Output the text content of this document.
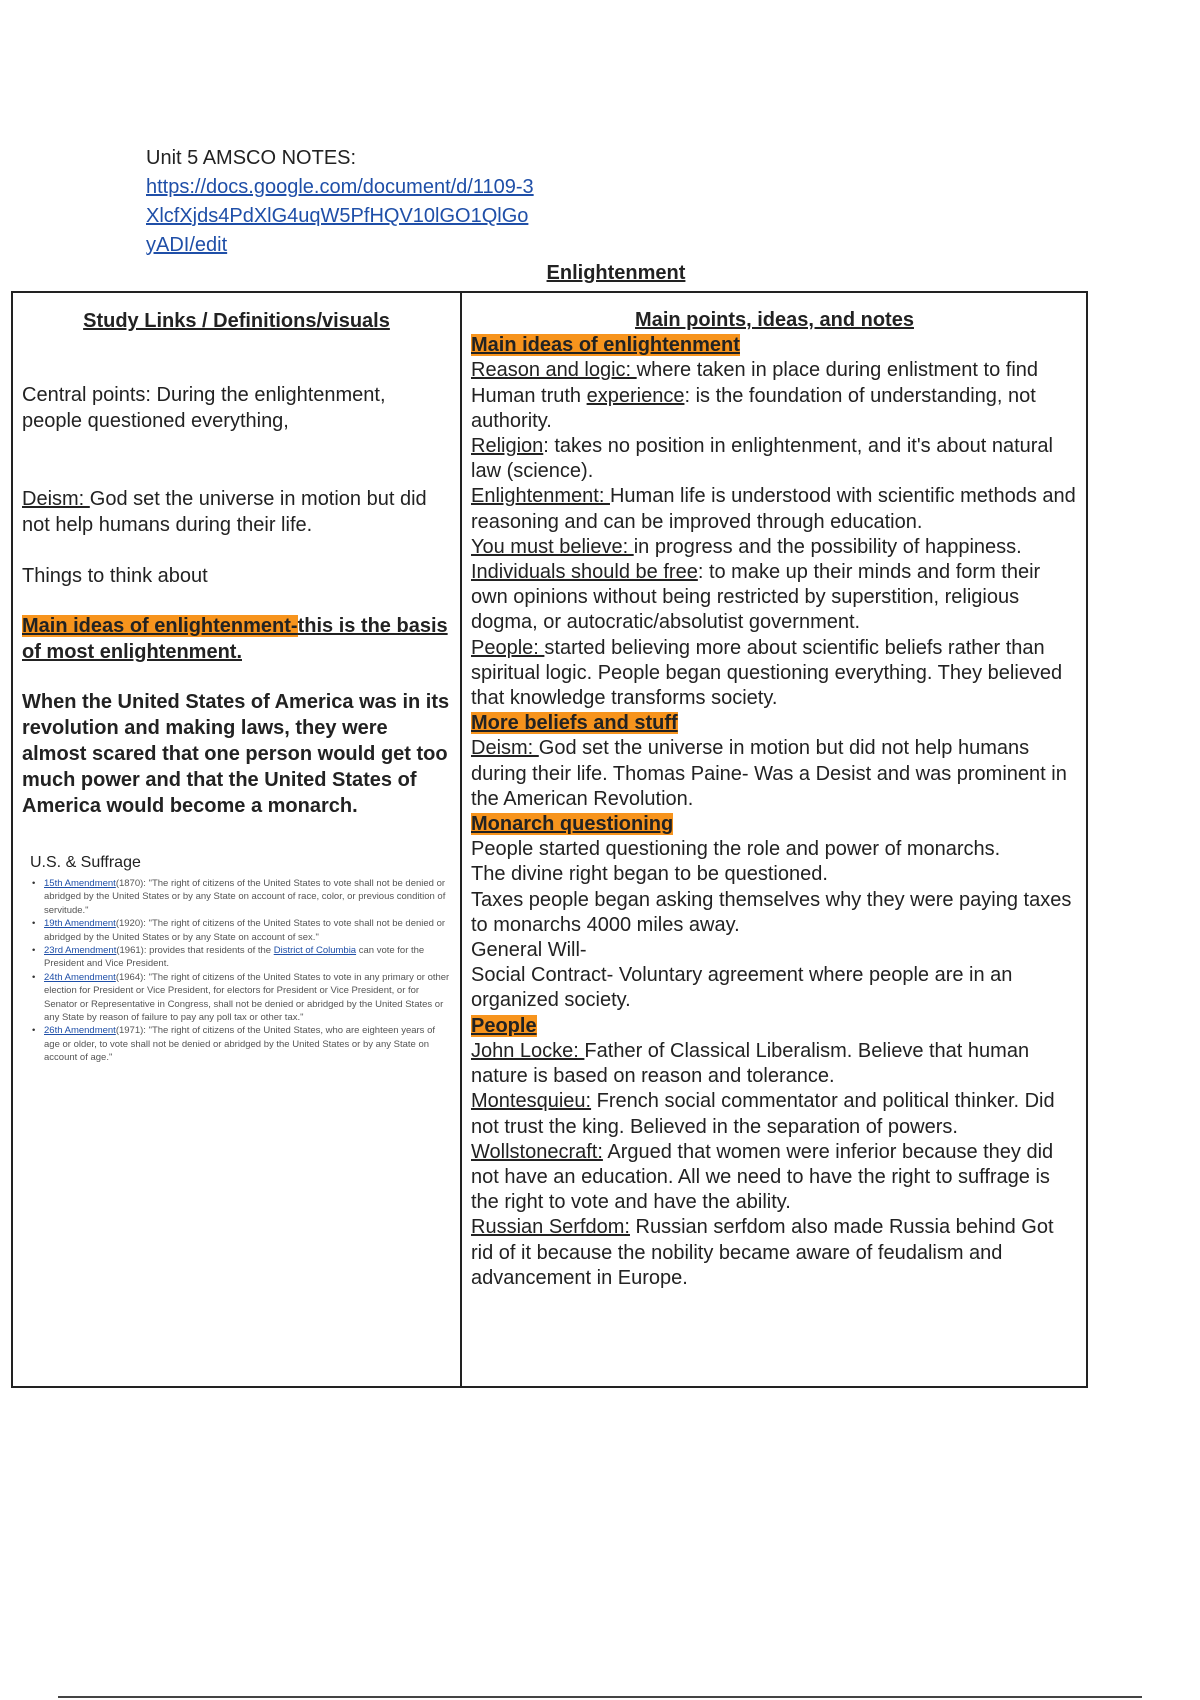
Unit 5 AMSCO NOTES:
https://docs.google.com/document/d/1109-3
XlcfXjds4PdXlG4uqW5PfHQV10lGO1QlGo
yADI/edit
Enlightenment
Study Links / Definitions/visuals

Central points: During the enlightenment, people questioned everything,

Deism: God set the universe in motion but did not help humans during their life.

Things to think about

Main ideas of enlightenment-this is the basis of most enlightenment.

When the United States of America was in its revolution and making laws, they were almost scared that one person would get too much power and that the United States of America would become a monarch.

U.S. & Suffrage
• 15th Amendment(1870): "The right of citizens of the United States to vote shall not be denied or abridged by the United States or by any State on account of race, color, or previous condition of servitude."
• 19th Amendment(1920): "The right of citizens of the United States to vote shall not be denied or abridged by the United States or by any State on account of sex."
• 23rd Amendment(1961): provides that residents of the District of Columbia can vote for the President and Vice President.
• 24th Amendment(1964): "The right of citizens of the United States to vote in any primary or other election for President or Vice President, for electors for President or Vice President, or for Senator or Representative in Congress, shall not be denied or abridged by the United States or any State by reason of failure to pay any poll tax or other tax."
• 26th Amendment(1971): "The right of citizens of the United States, who are eighteen years of age or older, to vote shall not be denied or abridged by the United States or by any State on account of age."
Main points, ideas, and notes

Main ideas of enlightenment

Reason and logic: where taken in place during enlistment to find Human truth experience: is the foundation of understanding, not authority.

Religion: takes no position in enlightenment, and it's about natural law (science).

Enlightenment: Human life is understood with scientific methods and reasoning and can be improved through education.

You must believe: in progress and the possibility of happiness.

Individuals should be free: to make up their minds and form their own opinions without being restricted by superstition, religious dogma, or autocratic/absolutist government.

People: started believing more about scientific beliefs rather than spiritual logic. People began questioning everything. They believed that knowledge transforms society.

More beliefs and stuff

Deism: God set the universe in motion but did not help humans during their life. Thomas Paine- Was a Desist and was prominent in the American Revolution.

Monarch questioning

People started questioning the role and power of monarchs.

The divine right began to be questioned.

Taxes people began asking themselves why they were paying taxes to monarchs 4000 miles away.

General Will-

Social Contract- Voluntary agreement where people are in an organized society.

People

John Locke: Father of Classical Liberalism. Believe that human nature is based on reason and tolerance.

Montesquieu: French social commentator and political thinker. Did not trust the king. Believed in the separation of powers.

Wollstonecraft: Argued that women were inferior because they did not have an education. All we need to have the right to suffrage is the right to vote and have the ability.

Russian Serfdom: Russian serfdom also made Russia behind Got rid of it because the nobility became aware of feudalism and advancement in Europe.
